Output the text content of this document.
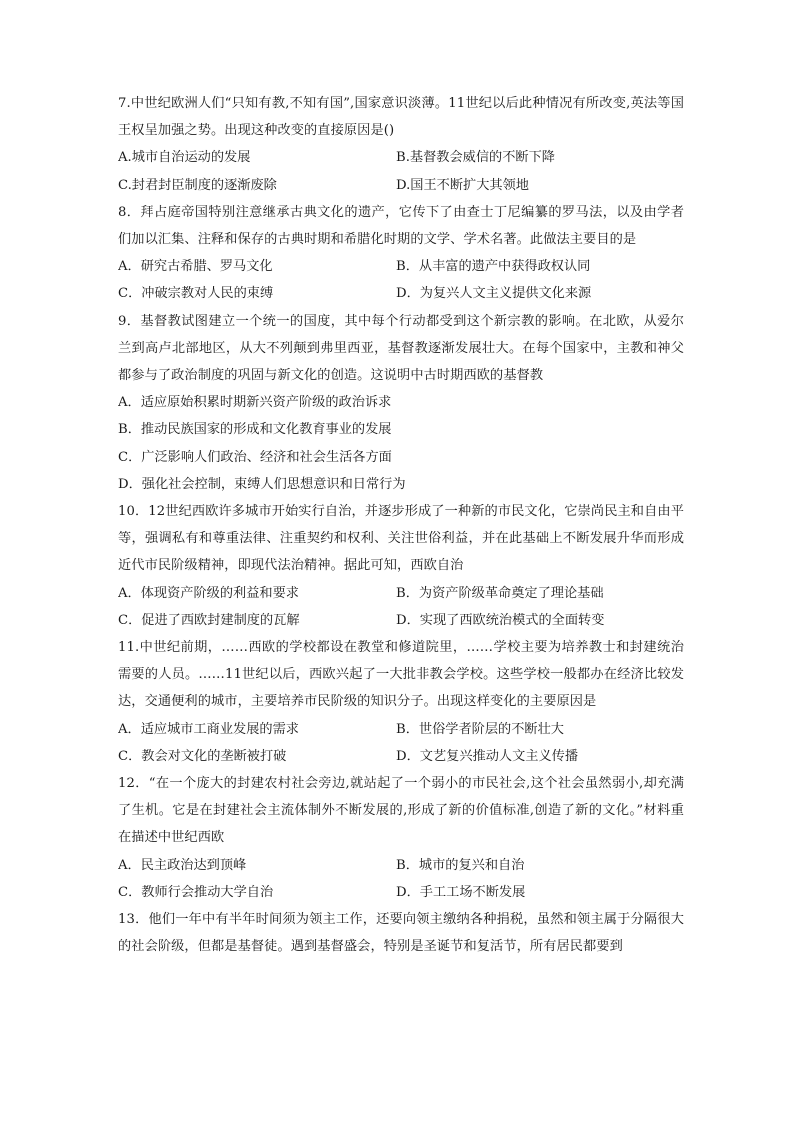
7.中世纪欧洲人们“只知有教,不知有国”,国家意识淡薄。11世纪以后此种情况有所改变,英法等国王权呈加强之势。出现这种改变的直接原因是()

A.城市自治运动的发展	B.基督教会威信的不断下降
C.封君封臣制度的逐渐废除	D.国王不断扩大其领地

8．拜占庭帝国特别注意继承古典文化的遗产，它传下了由查士丁尼编纂的罗马法，以及由学者们加以汇集、注释和保存的古典时期和希腊化时期的文学、学术名著。此做法主要目的是

A．研究古希腊、罗马文化	B．从丰富的遗产中获得政权认同
C．冲破宗教对人民的束缚	D．为复兴人文主义提供文化来源

9．基督教试图建立一个统一的国度，其中每个行动都受到这个新宗教的影响。在北欧，从爱尔兰到高卢北部地区，从大不列颠到弗里西亚，基督教逐渐发展壮大。在每个国家中，主教和神父都参与了政治制度的巩固与新文化的创造。这说明中古时期西欧的基督教

A．适应原始积累时期新兴资产阶级的政治诉求
B．推动民族国家的形成和文化教育事业的发展
C．广泛影响人们政治、经济和社会生活各方面
D．强化社会控制，束缚人们思想意识和日常行为

10．12世纪西欧许多城市开始实行自治，并逐步形成了一种新的市民文化，它崇尚民主和自由平等，强调私有和尊重法律、注重契约和权利、关注世俗利益，并在此基础上不断发展升华而形成近代市民阶级精神，即现代法治精神。据此可知，西欧自治

A．体现资产阶级的利益和要求	B．为资产阶级革命奠定了理论基础
C．促进了西欧封建制度的瓦解	D．实现了西欧统治模式的全面转变

11.中世纪前期，……西欧的学校都设在教堂和修道院里，……学校主要为培养教士和封建统治需要的人员。……11世纪以后，西欧兴起了一大批非教会学校。这些学校一般都办在经济比较发达，交通便利的城市，主要培养市民阶级的知识分子。出现这样变化的主要原因是

A．适应城市工商业发展的需求	B．世俗学者阶层的不断壮大
C．教会对文化的垄断被打破	D．文艺复兴推动人文主义传播

12．“在一个庞大的封建农村社会旁边,就站起了一个弱小的市民社会,这个社会虽然弱小,却充满了生机。它是在封建社会主流体制外不断发展的,形成了新的价值标准,创造了新的文化。”材料重在描述中世纪西欧

A．民主政治达到顶峰	B．城市的复兴和自治
C．教师行会推动大学自治	D．手工工场不断发展

13．他们一年中有半年时间须为领主工作，还要向领主缴纳各种捐税，虽然和领主属于分隔很大的社会阶级，但都是基督徒。遇到基督盛会，特别是圣诞节和复活节，所有居民都要到
